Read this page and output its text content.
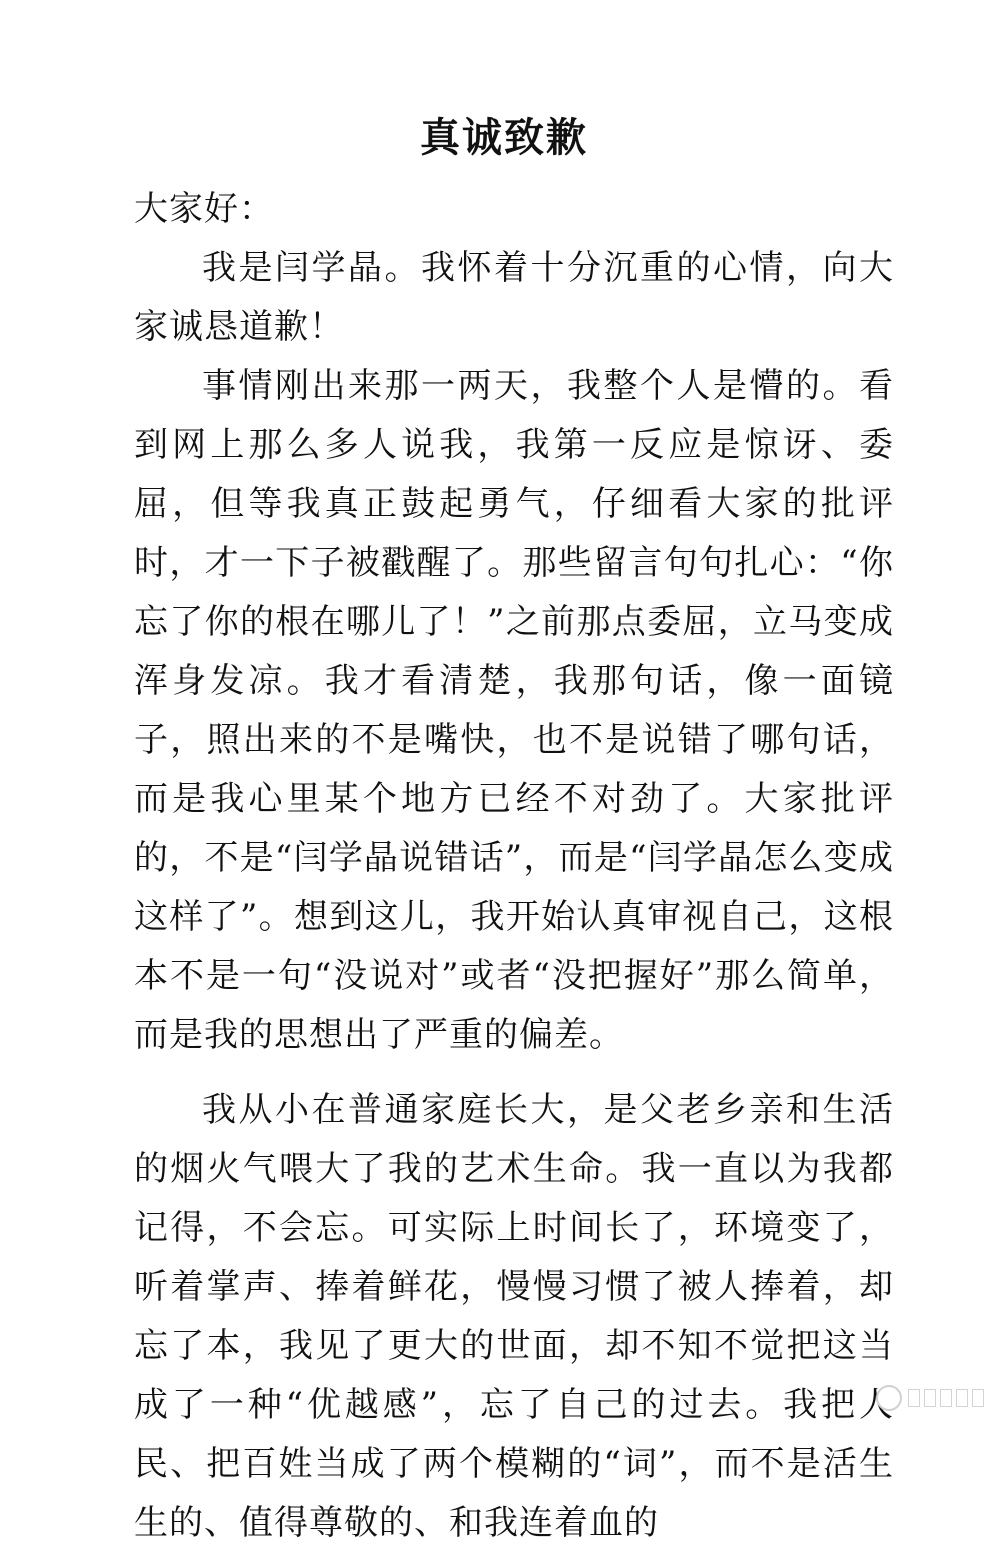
真诚致歉

大家好：

我是闫学晶。我怀着十分沉重的心情，向大家诚恳道歉！

事情刚出来那一两天，我整个人是懵的。看到网上那么多人说我，我第一反应是惊讶、委屈，但等我真正鼓起勇气，仔细看大家的批评时，才一下子被戳醒了。那些留言句句扎心：“你忘了你的根在哪儿了！”之前那点委屈，立马变成浑身发凉。我才看清楚，我那句话，像一面镜子，照出来的不是嘴快，也不是说错了哪句话，而是我心里某个地方已经不对劲了。大家批评的，不是“闫学晶说错话”，而是“闫学晶怎么变成这样了”。想到这儿，我开始认真审视自己，这根本不是一句“没说对”或者“没把握好”那么简单，而是我的思想出了严重的偏差。

我从小在普通家庭长大，是父老乡亲和生活的烟火气喂大了我的艺术生命。我一直以为我都记得，不会忘。可实际上时间长了，环境变了，听着掌声、捧着鲜花，慢慢习惯了被人捧着，却忘了本，我见了更大的世面，却不知不觉把这当成了一种“优越感”，忘了自己的过去。我把人民、把百姓当成了两个模糊的“词”，而不是活生生的、值得尊敬的、和我连着血的
